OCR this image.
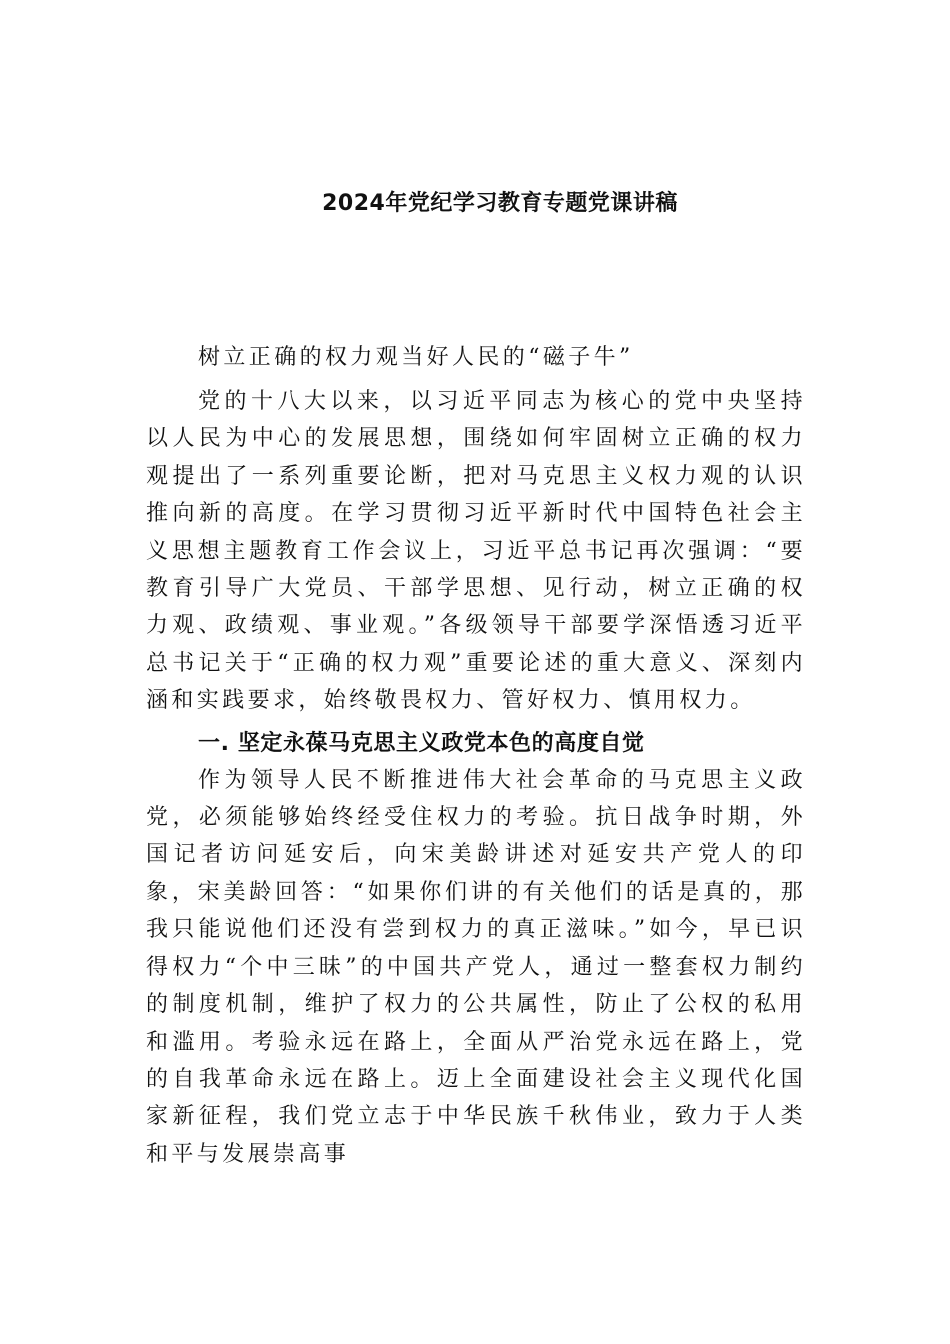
2024年党纪学习教育专题党课讲稿

树立正确的权力观当好人民的“磁子牛”

党的十八大以来，以习近平同志为核心的党中央坚持以人民为中心的发展思想，围绕如何牢固树立正确的权力观提出了一系列重要论断，把对马克思主义权力观的认识推向新的高度。在学习贯彻习近平新时代中国特色社会主义思想主题教育工作会议上，习近平总书记再次强调：“要教育引导广大党员、干部学思想、见行动，树立正确的权力观、政绩观、事业观。”各级领导干部要学深悟透习近平总书记关于“正确的权力观”重要论述的重大意义、深刻内涵和实践要求，始终敬畏权力、管好权力、慎用权力。

一. 坚定永葆马克思主义政党本色的高度自觉

作为领导人民不断推进伟大社会革命的马克思主义政党，必须能够始终经受住权力的考验。抗日战争时期，外国记者访问延安后，向宋美龄讲述对延安共产党人的印象，宋美龄回答：“如果你们讲的有关他们的话是真的，那我只能说他们还没有尝到权力的真正滋味。”如今，早已识得权力“个中三昧”的中国共产党人，通过一整套权力制约的制度机制，维护了权力的公共属性，防止了公权的私用和滥用。考验永远在路上，全面从严治党永远在路上，党的自我革命永远在路上。迈上全面建设社会主义现代化国家新征程，我们党立志于中华民族千秋伟业，致力于人类和平与发展崇高事
